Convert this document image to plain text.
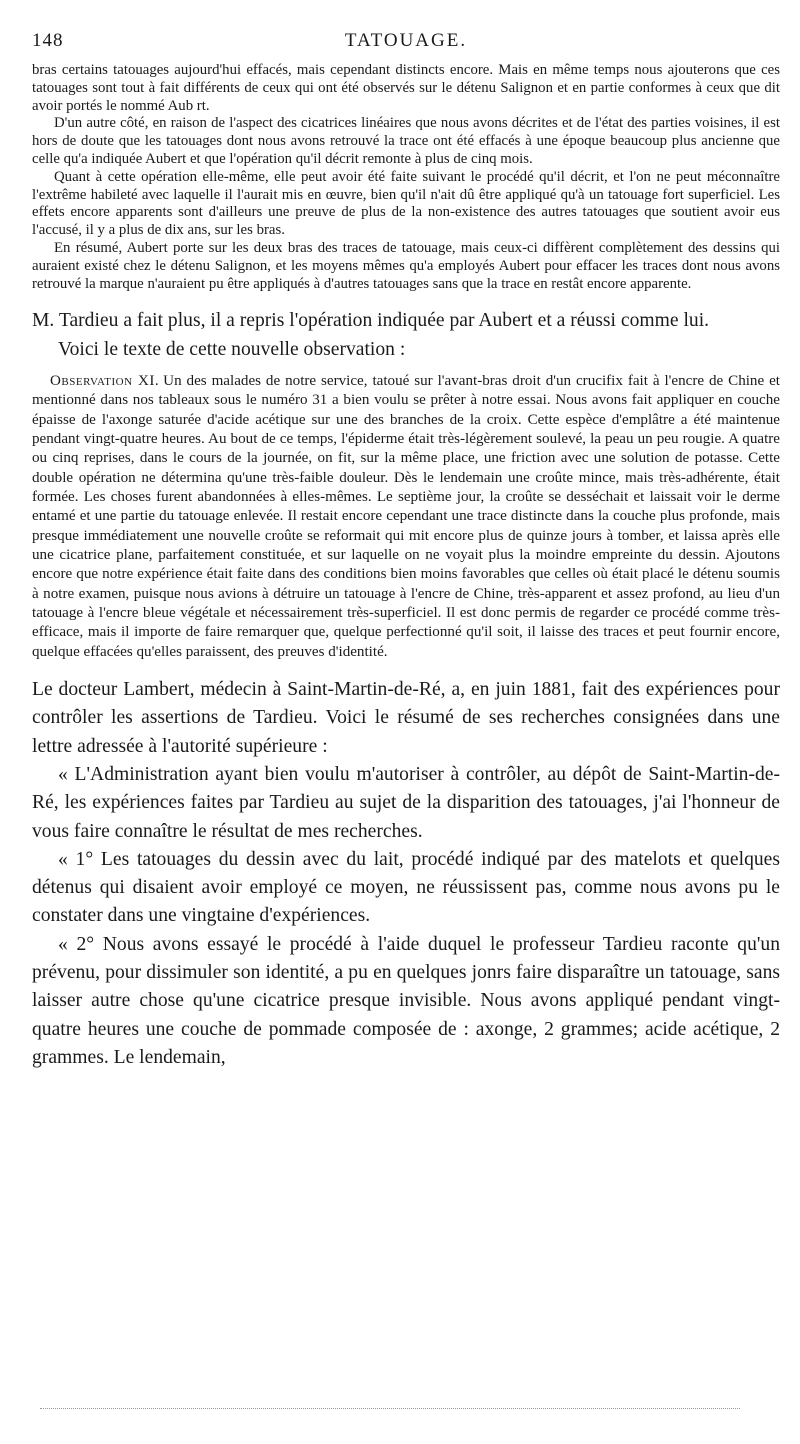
148	TATOUAGE.

bras certains tatouages aujourd'hui effacés, mais cependant distincts encore. Mais en même temps nous ajouterons que ces tatouages sont tout à fait différents de ceux qui ont été observés sur le détenu Salignon et en partie conformes à ceux que dit avoir portés le nommé Aub rt.

D'un autre côté, en raison de l'aspect des cicatrices linéaires que nous avons décrites et de l'état des parties voisines, il est hors de doute que les tatouages dont nous avons retrouvé la trace ont été effacés à une époque beaucoup plus ancienne que celle qu'a indiquée Aubert et que l'opération qu'il décrit remonte à plus de cinq mois.

Quant à cette opération elle-même, elle peut avoir été faite suivant le procédé qu'il décrit, et l'on ne peut méconnaître l'extrême habileté avec laquelle il l'aurait mis en œuvre, bien qu'il n'ait dû être appliqué qu'à un tatouage fort superficiel. Les effets encore apparents sont d'ailleurs une preuve de plus de la non-existence des autres tatouages que soutient avoir eus l'accusé, il y a plus de dix ans, sur les bras.

En résumé, Aubert porte sur les deux bras des traces de tatouage, mais ceux-ci diffèrent complètement des dessins qui auraient existé chez le détenu Salignon, et les moyens mêmes qu'a employés Aubert pour effacer les traces dont nous avons retrouvé la marque n'auraient pu être appliqués à d'autres tatouages sans que la trace en restât encore apparente.

M. Tardieu a fait plus, il a repris l'opération indiquée par Aubert et a réussi comme lui.

Voici le texte de cette nouvelle observation :

Observation XI. Un des malades de notre service, tatoué sur l'avant-bras droit d'un crucifix fait à l'encre de Chine et mentionné dans nos tableaux sous le numéro 31 a bien voulu se prêter à notre essai. Nous avons fait appliquer en couche épaisse de l'axonge saturée d'acide acétique sur une des branches de la croix. Cette espèce d'emplâtre a été maintenue pendant vingt-quatre heures. Au bout de ce temps, l'épiderme était très-légèrement soulevé, la peau un peu rougie. A quatre ou cinq reprises, dans le cours de la journée, on fit, sur la même place, une friction avec une solution de potasse. Cette double opération ne détermina qu'une très-faible douleur. Dès le lendemain une croûte mince, mais très-adhérente, était formée. Les choses furent abandonnées à elles-mêmes. Le septième jour, la croûte se desséchait et laissait voir le derme entamé et une partie du tatouage enlevée. Il restait encore cependant une trace distincte dans la couche plus profonde, mais presque immédiatement une nouvelle croûte se reformait qui mit encore plus de quinze jours à tomber, et laissa après elle une cicatrice plane, parfaitement constituée, et sur laquelle on ne voyait plus la moindre empreinte du dessin. Ajoutons encore que notre expérience était faite dans des conditions bien moins favorables que celles où était placé le détenu soumis à notre examen, puisque nous avions à détruire un tatouage à l'encre de Chine, très-apparent et assez profond, au lieu d'un tatouage à l'encre bleue végétale et nécessairement très-superficiel. Il est donc permis de regarder ce procédé comme très-efficace, mais il importe de faire remarquer que, quelque perfectionné qu'il soit, il laisse des traces et peut fournir encore, quelque effacées qu'elles paraissent, des preuves d'identité.

Le docteur Lambert, médecin à Saint-Martin-de-Ré, a, en juin 1881, fait des expériences pour contrôler les assertions de Tardieu. Voici le résumé de ses recherches consignées dans une lettre adressée à l'autorité supérieure :

« L'Administration ayant bien voulu m'autoriser à contrôler, au dépôt de Saint-Martin-de-Ré, les expériences faites par Tardieu au sujet de la disparition des tatouages, j'ai l'honneur de vous faire connaître le résultat de mes recherches.

« 1° Les tatouages du dessin avec du lait, procédé indiqué par des matelots et quelques détenus qui disaient avoir employé ce moyen, ne réussissent pas, comme nous avons pu le constater dans une vingtaine d'expériences.

« 2° Nous avons essayé le procédé à l'aide duquel le professeur Tardieu raconte qu'un prévenu, pour dissimuler son identité, a pu en quelques jonrs faire disparaître un tatouage, sans laisser autre chose qu'une cicatrice presque invisible. Nous avons appliqué pendant vingt-quatre heures une couche de pommade composée de : axonge, 2 grammes; acide acétique, 2 grammes. Le lendemain,
